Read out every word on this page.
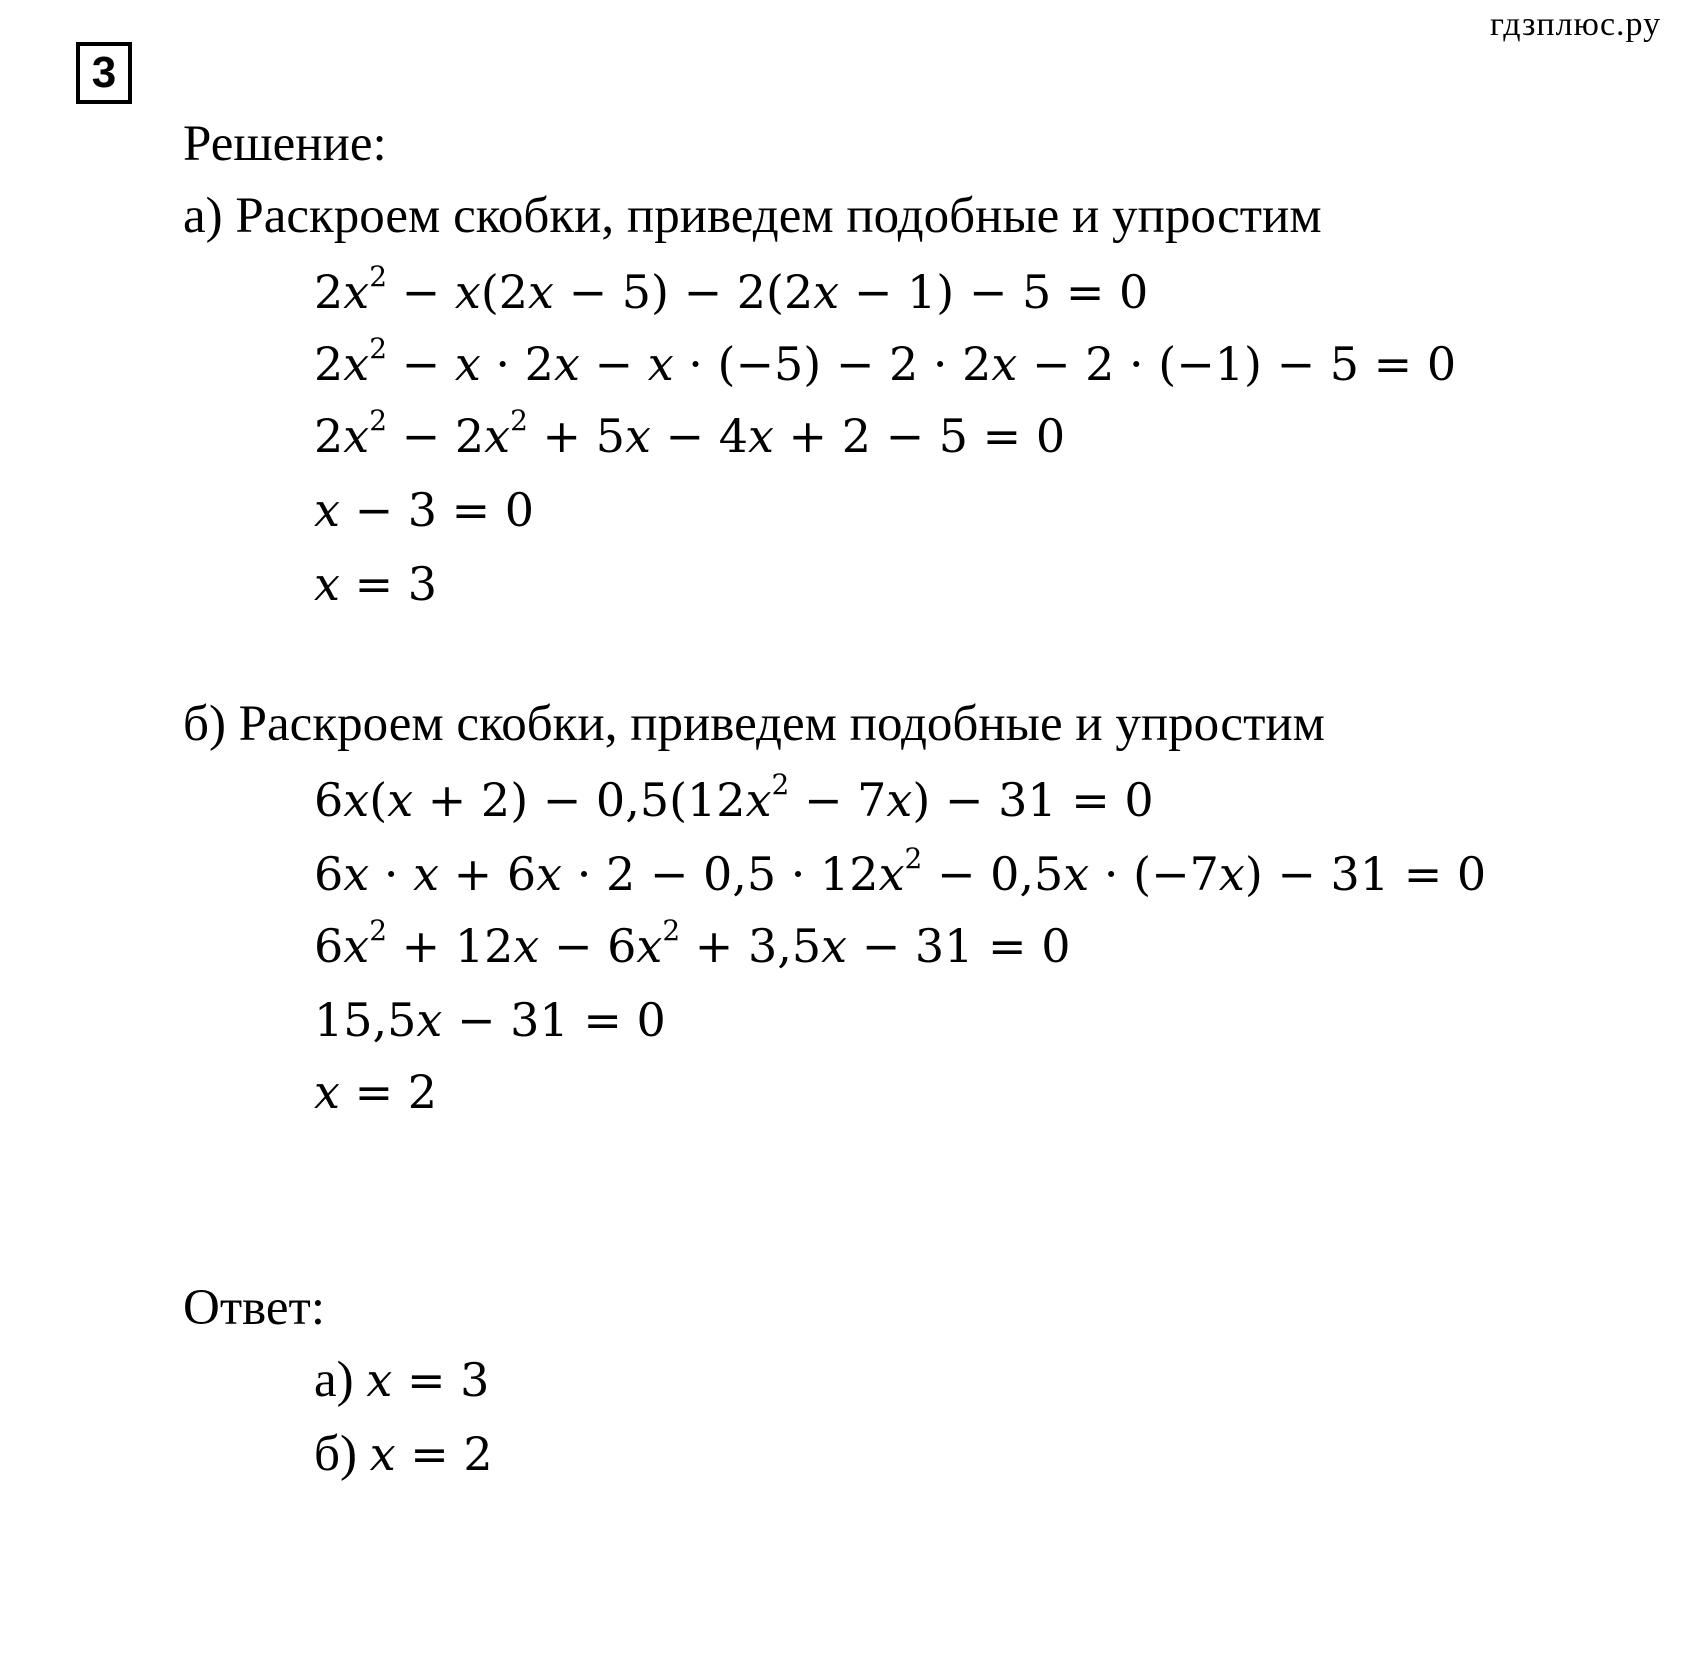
гдзплюс.ру
3
Решение:
а) Раскроем скобки, приведем подобные и упростим
$2x^2 - x(2x - 5) - 2(2x - 1) - 5 = 0$
$2x^2 - x \cdot 2x - x \cdot (-5) - 2 \cdot 2x - 2 \cdot (-1) - 5 = 0$
$2x^2 - 2x^2 + 5x - 4x + 2 - 5 = 0$
x − 3 = 0
x = 3
б) Раскроем скобки, приведем подобные и упростим
$6x(x + 2) - 0,5(12x^2 - 7x) - 31 = 0$
$6x \cdot x + 6x \cdot 2 - 0,5 \cdot 12x^2 - 0,5x \cdot (-7x) - 31 = 0$
$6x^2 + 12x - 6x^2 + 3,5x - 31 = 0$
15,5x − 31 = 0
x = 2
Ответ:
а) x = 3
б) x = 2
